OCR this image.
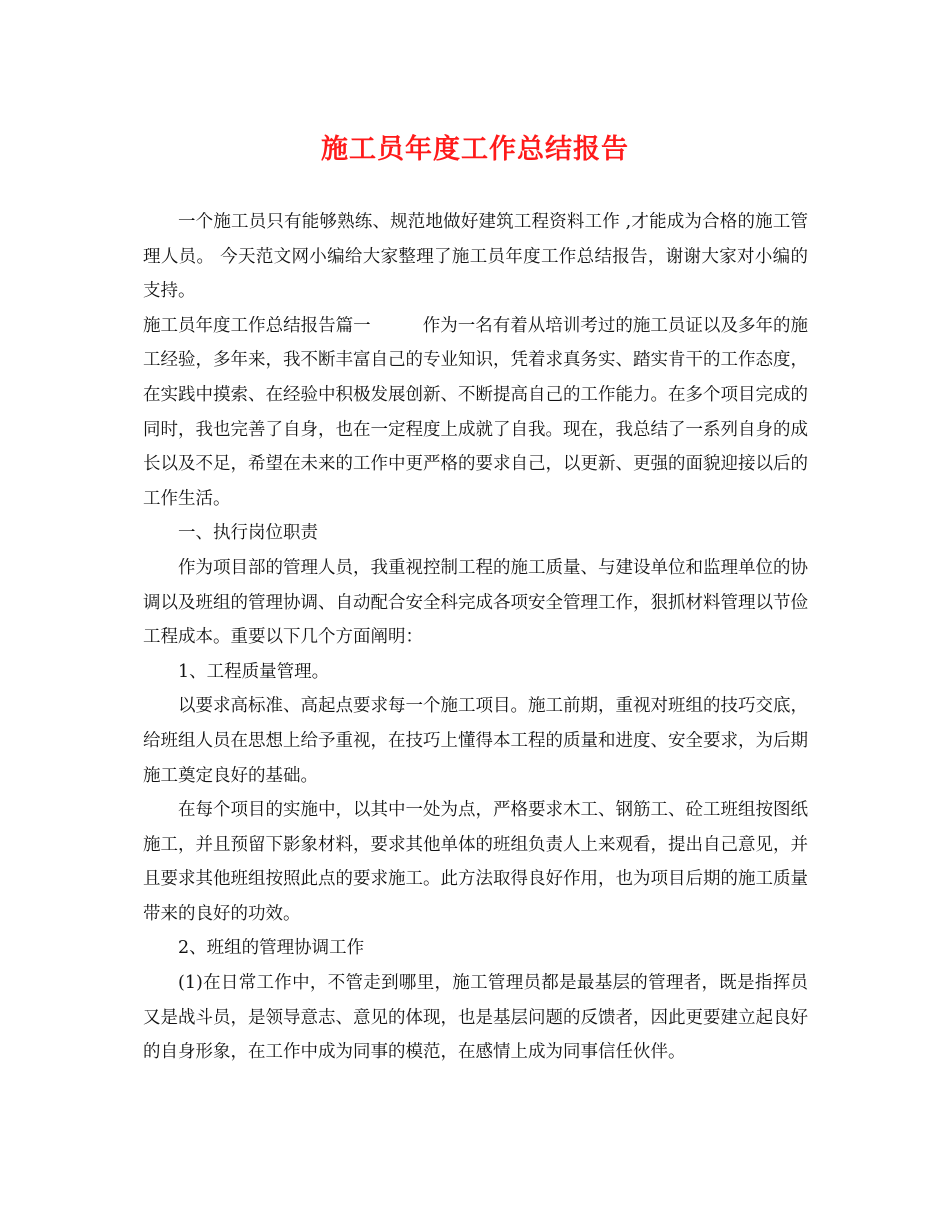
施工员年度工作总结报告

一个施工员只有能够熟练、规范地做好建筑工程资料工作 ,才能成为合格的施工管理人员。 今天范文网小编给大家整理了施工员年度工作总结报告，谢谢大家对小编的支持。

施工员年度工作总结报告篇一	作为一名有着从培训考过的施工员证以及多年的施工经验，多年来，我不断丰富自己的专业知识，凭着求真务实、踏实肯干的工作态度，在实践中摸索、在经验中积极发展创新、不断提高自己的工作能力。在多个项目完成的同时，我也完善了自身，也在一定程度上成就了自我。现在，我总结了一系列自身的成长以及不足，希望在未来的工作中更严格的要求自己，以更新、更强的面貌迎接以后的工作生活。

一、执行岗位职责

作为项目部的管理人员，我重视控制工程的施工质量、与建设单位和监理单位的协调以及班组的管理协调、自动配合安全科完成各项安全管理工作，狠抓材料管理以节俭工程成本。重要以下几个方面阐明：

1、工程质量管理。

以要求高标准、高起点要求每一个施工项目。施工前期，重视对班组的技巧交底，给班组人员在思想上给予重视，在技巧上懂得本工程的质量和进度、安全要求，为后期施工奠定良好的基础。

在每个项目的实施中，以其中一处为点，严格要求木工、钢筋工、砼工班组按图纸施工，并且预留下影象材料，要求其他单体的班组负责人上来观看，提出自己意见，并且要求其他班组按照此点的要求施工。此方法取得良好作用，也为项目后期的施工质量带来的良好的功效。

2、班组的管理协调工作

(1)在日常工作中，不管走到哪里，施工管理员都是最基层的管理者，既是指挥员又是战斗员，是领导意志、意见的体现，也是基层问题的反馈者，因此更要建立起良好的自身形象，在工作中成为同事的模范，在感情上成为同事信任伙伴。
